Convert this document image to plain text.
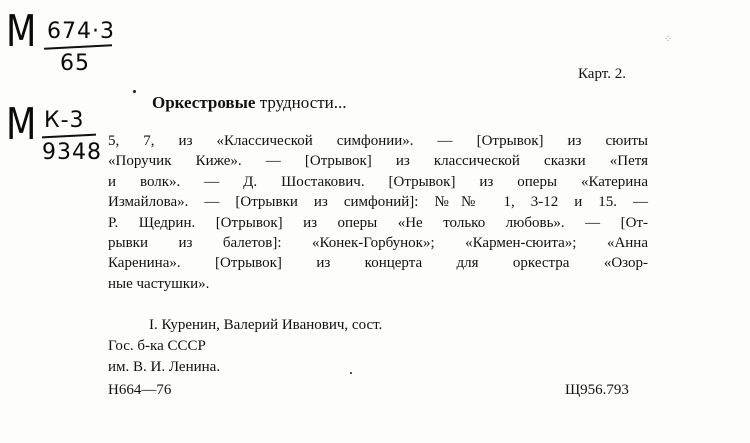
М 674·3
65
М К-3
9348
Карт. 2.
Оркестровые трудности...
5, 7, из «Классической симфонии». — [Отрывок] из сюиты
«Поручик Киже». — [Отрывок] из классической сказки «Петя
и волк». — Д. Шостакович. [Отрывок] из оперы «Катерина
Измайлова». — [Отрывки из симфоний]: №№ 1, 3-12 и 15. —
Р. Щедрин. [Отрывок] из оперы «Не только любовь». — [От-
рывки из балетов]: «Конек-Горбунок»; «Кармен-сюита»; «Анна
Каренина». [Отрывок] из концерта для оркестра «Озор-
ные частушки».
I. Куренин, Валерий Иванович, сост.
Гос. б-ка СССР
им. В. И. Ленина.
Н664—76	Щ956.793
⁘
